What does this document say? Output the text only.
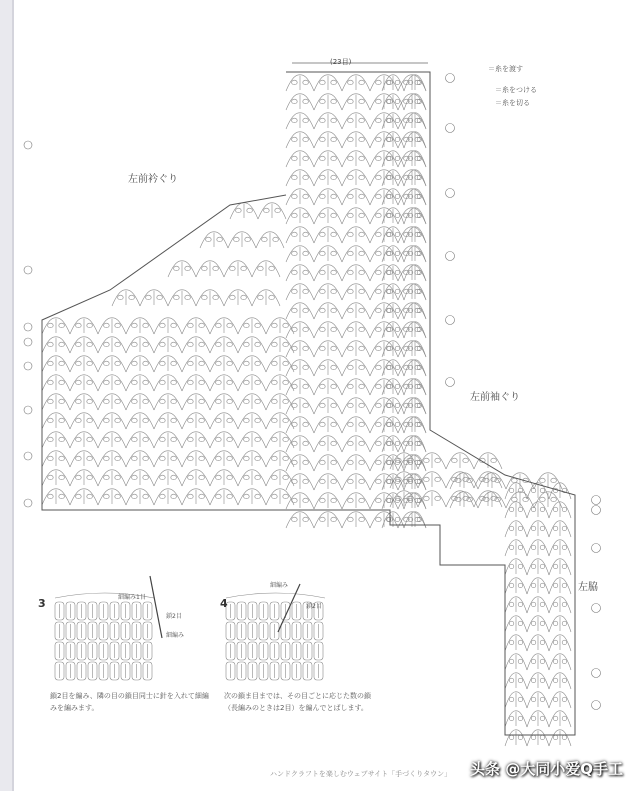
(23目)
左前衿ぐり
左前袖ぐり
左脇
＝糸を渡す
＝糸をつける
＝糸を切る
3	4
細編み1目
鎖2目
細編み
細編み
鎖2目
鎖2目を編み、隣の目の鎖目同士に針を入れて細編みを編みます。
次の鎖ま目までは、その目ごとに応じた数の鎖（長編みのときは2目）を編んでとばします。
ハンドクラフトを楽しむウェブサイト「手づくりタウン」 头条 @大同小爱Q手工
